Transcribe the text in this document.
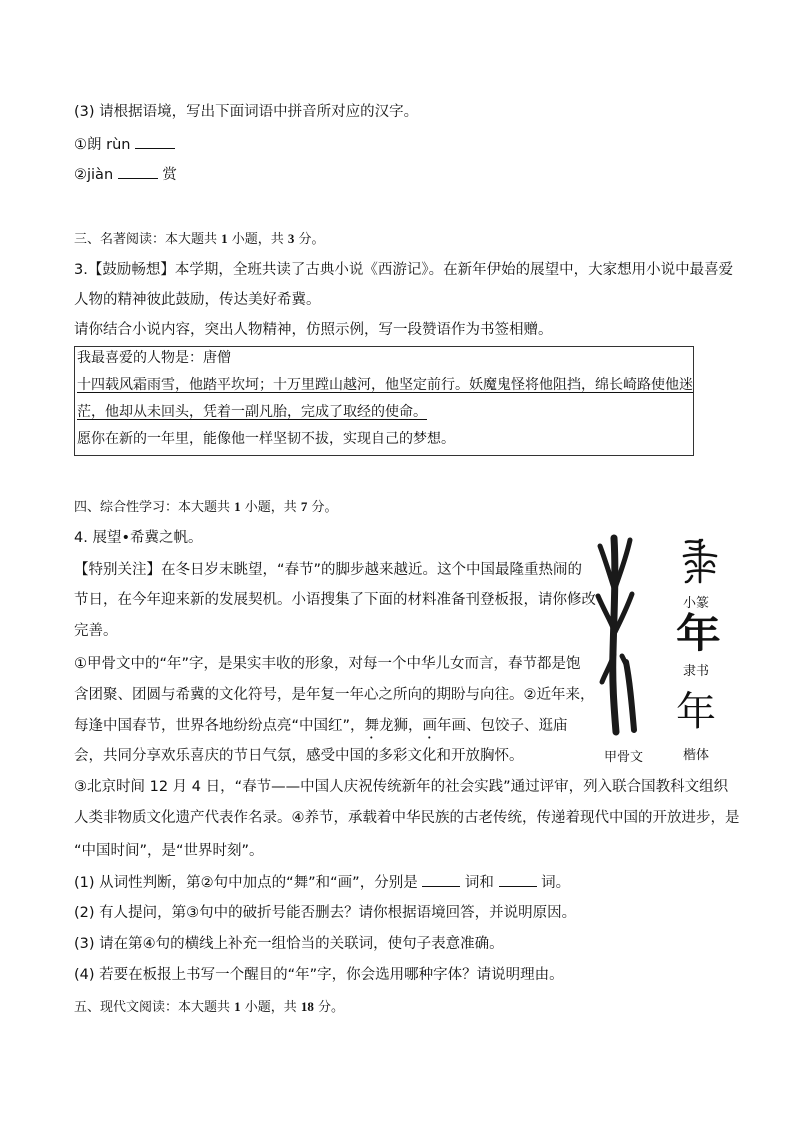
(3) 请根据语境，写出下面词语中拼音所对应的汉字。
①朗 rùn
②jiàn	赏
三、名著阅读：本大题共 1 小题，共 3 分。
3.【鼓励畅想】本学期，全班共读了古典小说《西游记》。在新年伊始的展望中，大家想用小说中最喜爱
人物的精神彼此鼓励，传达美好希冀。
请你结合小说内容，突出人物精神，仿照示例，写一段赞语作为书签相赠。
我最喜爱的人物是：唐僧
十四载风霜雨雪，他踏平坎坷；十万里蹚山越河，他坚定前行。妖魔鬼怪将他阻挡，绵长崎路使他迷
茫，他却从未回头，凭着一副凡胎，完成了取经的使命。
愿你在新的一年里，能像他一样坚韧不拔，实现自己的梦想。
四、综合性学习：本大题共 1 小题，共 7 分。
4. 展望•希冀之帆。
【特别关注】在冬日岁末眺望，“春节”的脚步越来越近。这个中国最隆重热闹的
节日，在今年迎来新的发展契机。小语搜集了下面的材料准备刊登板报，请你修改
完善。
①甲骨文中的“年”字，是果实丰收的形象，对每一个中华儿女而言，春节都是饱
含团聚、团圆与希冀的文化符号，是年复一年心之所向的期盼与向往。②近年来，
每逢中国春节，世界各地纷纷点亮“中国红”，舞龙狮，画年画、包饺子、逛庙
会，共同分享欢乐喜庆的节日气氛，感受中国的多彩文化和开放胸怀。
③北京时间 12 月 4 日，“春节——中国人庆祝传统新年的社会实践”通过评审，列入联合国教科文组织
人类非物质文化遗产代表作名录。④养节，承载着中华民族的古老传统，传递着现代中国的开放进步，是
“中国时间”，是“世界时刻”。
(1) 从词性判断，第②句中加点的“舞”和“画”，分别是	词和	词。
(2) 有人提问，第③句中的破折号能否删去？请你根据语境回答，并说明原因。
(3) 请在第④句的横线上补充一组恰当的关联词，使句子表意准确。
(4) 若要在板报上书写一个醒目的“年”字，你会选用哪种字体？请说明理由。
五、现代文阅读：本大题共 1 小题，共 18 分。
甲骨文
小篆
年
隶书
年
楷体
